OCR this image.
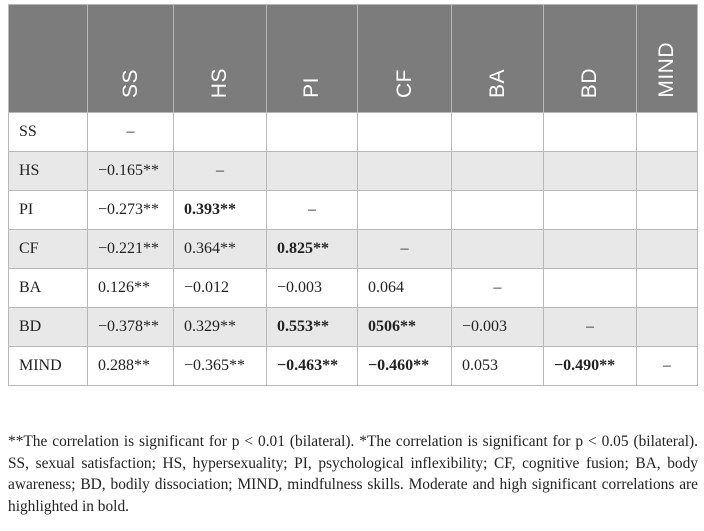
	SS	HS	PI	CF	BA	BD	MIND
SS	–						
HS	−0.165**	–					
PI	−0.273**	0.393**	–				
CF	−0.221**	0.364**	0.825**	–			
BA	0.126**	−0.012	−0.003	0.064	–		
BD	−0.378**	0.329**	0.553**	0506**	−0.003	–	
MIND	0.288**	−0.365**	−0.463**	−0.460**	0.053	−0.490**	–

**The correlation is significant for p < 0.01 (bilateral). *The correlation is significant for p < 0.05 (bilateral). SS, sexual satisfaction; HS, hypersexuality; PI, psychological inflexibility; CF, cognitive fusion; BA, body awareness; BD, bodily dissociation; MIND, mindfulness skills. Moderate and high significant correlations are highlighted in bold.
